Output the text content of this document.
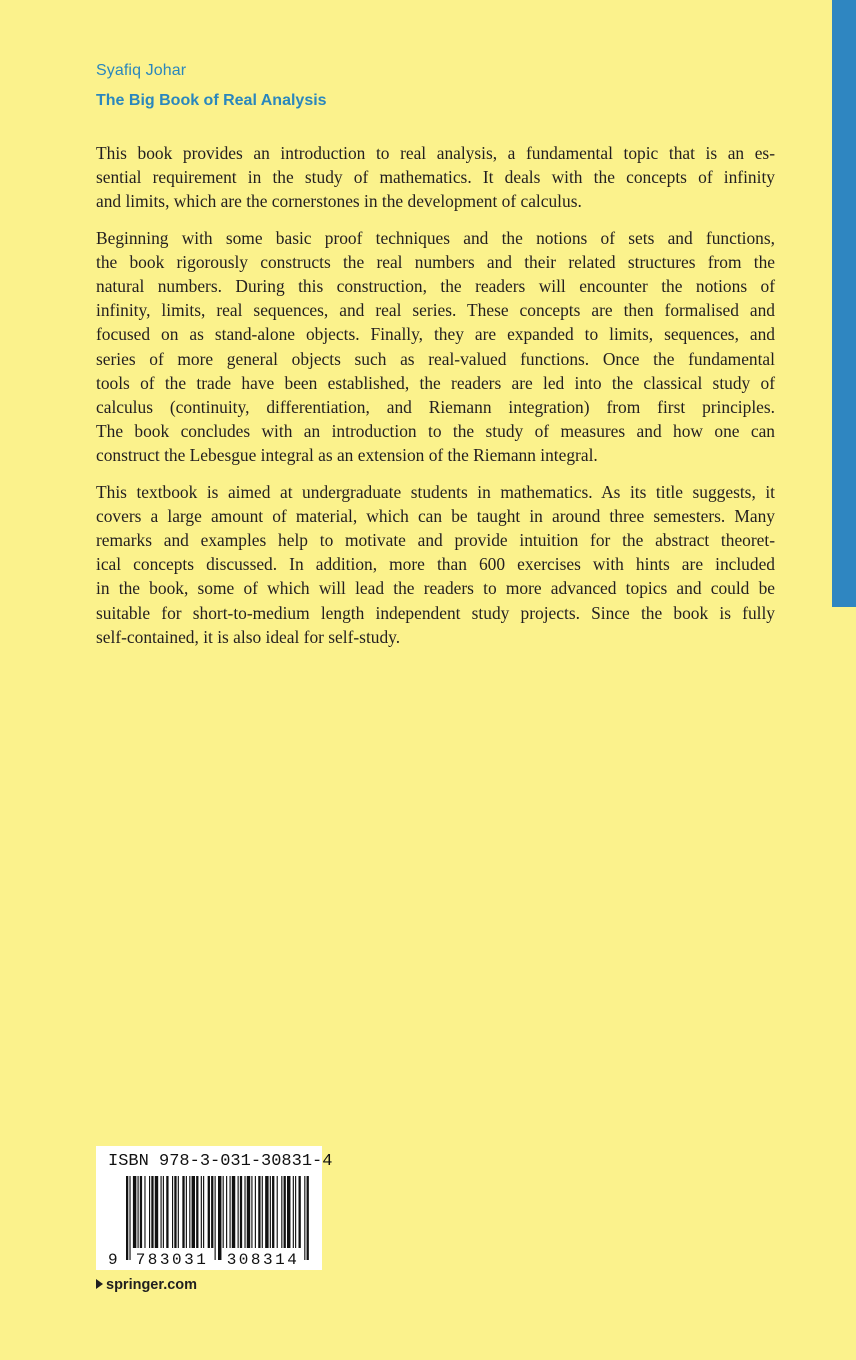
Syafiq Johar
The Big Book of Real Analysis
This book provides an introduction to real analysis, a fundamental topic that is an es-
sential requirement in the study of mathematics. It deals with the concepts of infinity
and limits, which are the cornerstones in the development of calculus.
Beginning with some basic proof techniques and the notions of sets and functions,
the book rigorously constructs the real numbers and their related structures from the
natural numbers. During this construction, the readers will encounter the notions of
infinity, limits, real sequences, and real series. These concepts are then formalised and
focused on as stand-alone objects. Finally, they are expanded to limits, sequences, and
series of more general objects such as real-valued functions. Once the fundamental
tools of the trade have been established, the readers are led into the classical study of
calculus (continuity, differentiation, and Riemann integration) from first principles.
The book concludes with an introduction to the study of measures and how one can
construct the Lebesgue integral as an extension of the Riemann integral.
This textbook is aimed at undergraduate students in mathematics. As its title suggests, it
covers a large amount of material, which can be taught in around three semesters. Many
remarks and examples help to motivate and provide intuition for the abstract theoret-
ical concepts discussed. In addition, more than 600 exercises with hints are included
in the book, some of which will lead the readers to more advanced topics and could be
suitable for short-to-medium length independent study projects. Since the book is fully
self-contained, it is also ideal for self-study.
ISBN 978-3-031-30831-4
9 783031 308314
springer.com
